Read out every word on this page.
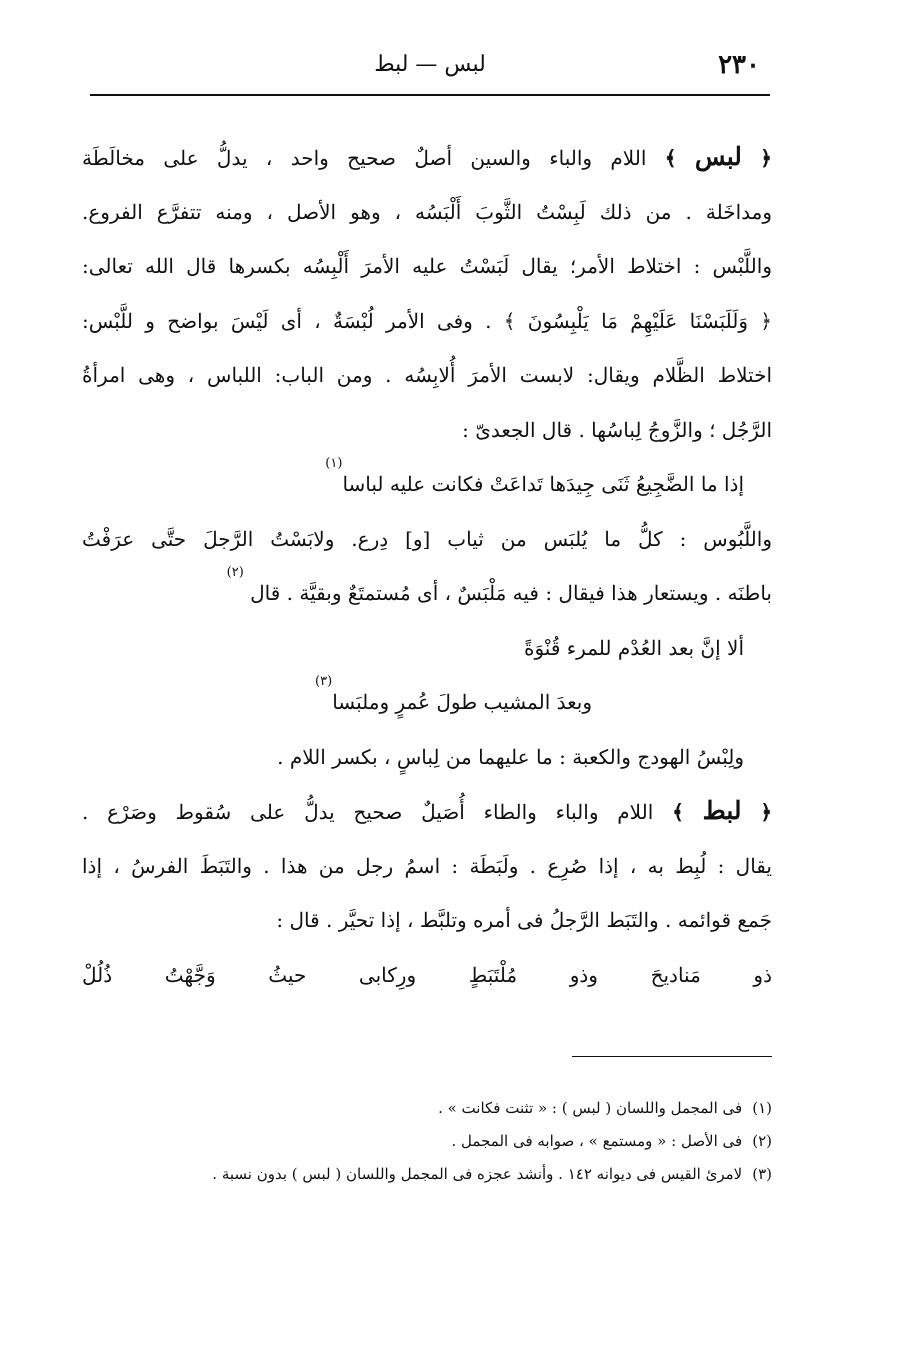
٢٣٠
لبس — لبط
﴿ لبس ﴾ اللام والباء والسين أصلٌ صحيح واحد ، يدلُّ على مخالَطَة
ومداخَلة . من ذلك لَبِسْتُ الثَّوبَ أَلْبَسُه ، وهو الأصل ، ومنه تتفرَّع الفروع.
واللَّبْس : اختلاط الأمر؛ يقال لَبَسْتُ عليه الأمرَ أَلْبِسُه بكسرها قال الله تعالى:
﴿ وَلَلَبَسْنَا عَلَيْهِمْ مَا يَلْبِسُونَ ﴾ . وفى الأمر لُبْسَةٌ ، أى لَيْسَ بواضح و للَّبْس:
اختلاط الظَّلام ويقال: لابست الأمرَ أُلابِسُه . ومن الباب: اللباس ، وهى امرأةُ
الرَّجُل ؛ والزَّوجُ لِباسُها . قال الجعدىّ :
إذا ما الضَّجِيعُ ثَنَى جِيدَها تَداعَتْ فكانت عليه لباسا$^{(١)}$
واللَّبُوس : كلُّ ما يُلبَس من ثياب [و] دِرع. ولابَسْتُ الرَّجلَ حتَّى عرَفْتُ
باطنَه . ويستعار هذا فيقال : فيه مَلْبَسٌ ، أى مُستمتَعٌ وبقيَّة . قال $^{(٢)}$
ألا إنَّ بعد العُدْم للمرء قُنْوَةً
وبعدَ المشيب طولَ عُمرٍ وملبَسا$^{(٣)}$
ولِبْسُ الهودج والكعبة : ما عليهما من لِباسٍ ، بكسر اللام .
﴿ لبط ﴾ اللام والباء والطاء أُصَيلٌ صحيح يدلُّ على سُقوط وصَرْع .
يقال : لُبِط به ، إذا صُرِع . ولَبَطَة : اسمُ رجل من هذا . والتَبَطَ الفرسُ ، إذا
جَمع قوائمه . والتَبَط الرَّجلُ فى أمره وتلبَّط ، إذا تحيَّر . قال :
ذو مَناديحَ وذو مُلْتَبَطٍ ورِكابى حيثُ وَجَّهْتُ ذُلُلْ
(١)فى المجمل واللسان ( لبس ) : « تثنت فكانت » .
(٢)فى الأصل : « ومستمع » ، صوابه فى المجمل .
(٣)لامرئ القيس فى ديوانه ١٤٢ . وأنشد عجزه فى المجمل واللسان ( لبس ) بدون نسبة .
